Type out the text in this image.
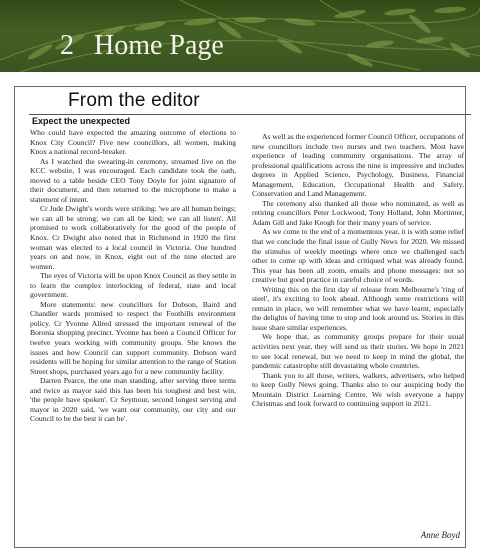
2 Home Page
From the editor
Expect the unexpected

Who could have expected the amazing outcome of elections to Knox City Council? Five new councillors, all women, making Knox a national record-breaker.

As I watched the swearing-in ceremony, streamed live on the KCC website, I was encouraged. Each candidate took the oath, moved to a table beside CEO Tony Doyle for joint signature of their document, and then returned to the microphone to make a statement of intent.

Cr Jude Dwight's words were striking: 'we are all human beings; we can all be strong; we can all be kind; we can all listen'. All promised to work collaboratively for the good of the people of Knox. Cr Dwight also noted that in Richmond in 1920 the first woman was elected to a local council in Victoria. One hundred years on and now, in Knox, eight out of the nine elected are women.

The eyes of Victoria will be upon Knox Council as they settle in to learn the complex interlocking of federal, state and local government.

More statements: new councillors for Dobson, Baird and Chandler wards promised to respect the Foothills environment policy. Cr Yvonne Allred stressed the important renewal of the Boronia shopping precinct. Yvonne has been a Council Officer for twelve years working with community groups. She knows the issues and how Council can support community. Dobson ward residents will be hoping for similar attention to the range of Station Street shops, purchased years ago for a new community facility.

Darren Pearce, the one man standing, after serving three terms and twice as mayor said this has been his toughest and best win, 'the people have spoken'. Cr Seymour, second longest serving and mayor in 2020 said, 'we want our community, our city and our Council to be the best it can be'.

As well as the experienced former Council Officer, occupations of new councillors include two nurses and two teachers. Most have experience of leading community organisations. The array of professional qualifications across the nine is impressive and includes degrees in Applied Science, Psychology, Business, Financial Management, Education, Occupational Health and Safety, Conservation and Land Management.

The ceremony also thanked all those who nominated, as well as retiring councillors Peter Lockwood, Tony Holland, John Mortimer, Adam Gill and Jake Keogh for their many years of service.

As we come to the end of a momentous year, it is with some relief that we conclude the final issue of Gully News for 2020. We missed the stimulus of weekly meetings where once we challenged each other to come up with ideas and critiqued what was already found. This year has been all zoom, emails and phone messages: not so creative but good practice in careful choice of words.

Writing this on the first day of release from Melbourne's 'ring of steel', it's exciting to look ahead. Although some restrictions will remain in place, we will remember what we have learnt, especially the delights of having time to stop and look around us. Stories in this issue share similar experiences.

We hope that, as community groups prepare for their usual activities next year, they will send us their stories. We hope in 2021 to see local renewal, but we need to keep in mind the global, the pandemic catastrophe still devastating whole countries.

Thank you to all those, writers, walkers, advertisers, who helped to keep Gully News going. Thanks also to our auspicing body the Mountain District Learning Centre. We wish everyone a happy Christmas and look forward to continuing support in 2021.

Anne Boyd
